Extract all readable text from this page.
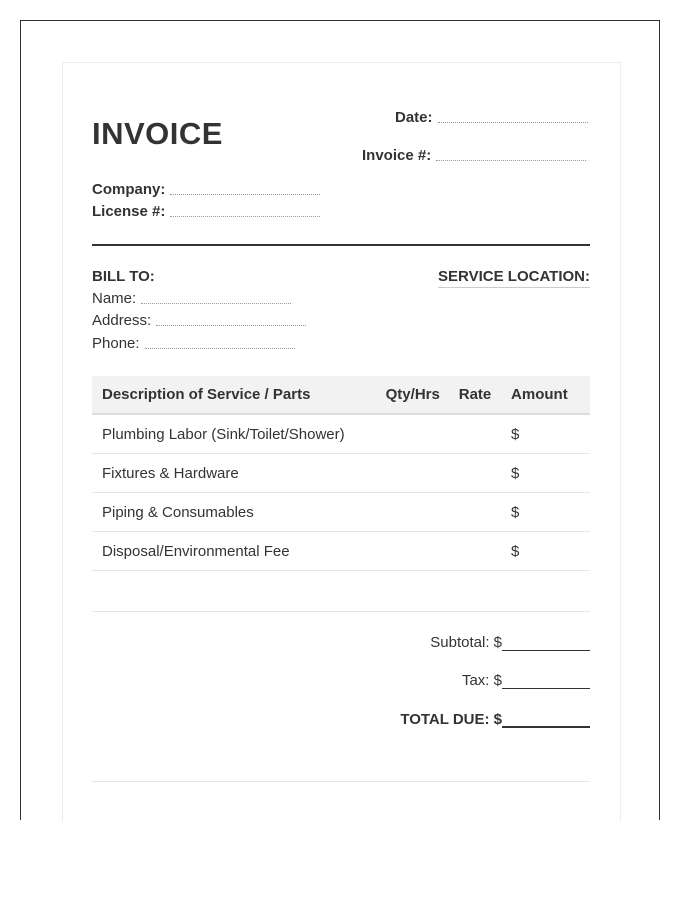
INVOICE	Date:
Invoice #:
Company:
License #:
BILL TO:	SERVICE LOCATION:
Name:
Address:
Phone:
Description of Service / Parts	Qty/Hrs	Rate	Amount
Plumbing Labor (Sink/Toilet/Shower)			$
Fixtures & Hardware			$
Piping & Consumables			$
Disposal/Environmental Fee			$
Subtotal: $
Tax: $
TOTAL DUE: $
